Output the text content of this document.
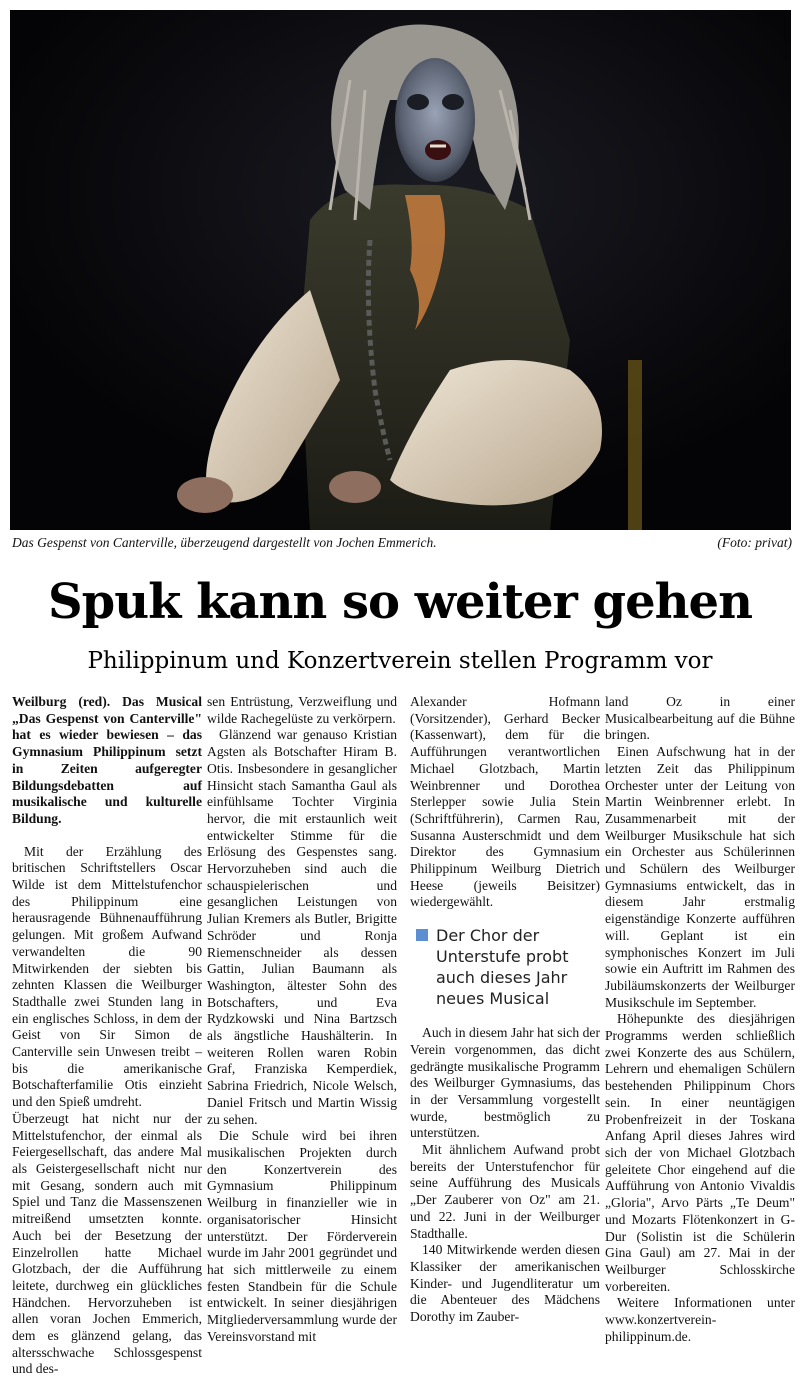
Das Gespenst von Canterville, überzeugend dargestellt von Jochen Emmerich.	(Foto: privat)
Spuk kann so weiter gehen
Philippinum und Konzertverein stellen Programm vor

Weilburg (red). Das Musical „Das Gespenst von Canterville" hat es wieder bewiesen – das Gymnasium Philippinum setzt in Zeiten aufgeregter Bildungsdebatten auf musikalische und kulturelle Bildung.

Mit der Erzählung des britischen Schriftstellers Oscar Wilde ist dem Mittelstufenchor des Philippinum eine herausragende Bühnenaufführung gelungen. Mit großem Aufwand verwandelten die 90 Mitwirkenden der siebten bis zehnten Klassen die Weilburger Stadthalle zwei Stunden lang in ein englisches Schloss, in dem der Geist von Sir Simon de Canterville sein Unwesen treibt – bis die amerikanische Botschafterfamilie Otis einzieht und den Spieß umdreht.

Überzeugt hat nicht nur der Mittelstufenchor, der einmal als Feiergesellschaft, das andere Mal als Geistergesellschaft nicht nur mit Gesang, sondern auch mit Spiel und Tanz die Massenszenen mitreißend umsetzten konnte. Auch bei der Besetzung der Einzelrollen hatte Michael Glotzbach, der die Aufführung leitete, durchweg ein glückliches Händchen. Hervorzuheben ist allen voran Jochen Emmerich, dem es glänzend gelang, das altersschwache Schlossgespenst und des-

sen Entrüstung, Verzweiflung und wilde Rachegelüste zu verkörpern.

Glänzend war genauso Kristian Agsten als Botschafter Hiram B. Otis. Insbesondere in gesanglicher Hinsicht stach Samantha Gaul als einfühlsame Tochter Virginia hervor, die mit erstaunlich weit entwickelter Stimme für die Erlösung des Gespenstes sang. Hervorzuheben sind auch die schauspielerischen und gesanglichen Leistungen von Julian Kremers als Butler, Brigitte Schröder und Ronja Riemenschneider als dessen Gattin, Julian Baumann als Washington, ältester Sohn des Botschafters, und Eva Rydzkowski und Nina Bartzsch als ängstliche Haushälterin. In weiteren Rollen waren Robin Graf, Franziska Kemperdiek, Sabrina Friedrich, Nicole Welsch, Daniel Fritsch und Martin Wissig zu sehen.

Die Schule wird bei ihren musikalischen Projekten durch den Konzertverein des Gymnasium Philippinum Weilburg in finanzieller wie in organisatorischer Hinsicht unterstützt. Der Förderverein wurde im Jahr 2001 gegründet und hat sich mittlerweile zu einem festen Standbein für die Schule entwickelt. In seiner diesjährigen Mitgliederversammlung wurde der Vereinsvorstand mit

Alexander Hofmann (Vorsitzender), Gerhard Becker (Kassenwart), dem für die Aufführungen verantwortlichen Michael Glotzbach, Martin Weinbrenner und Dorothea Sterlepper sowie Julia Stein (Schriftführerin), Carmen Rau, Susanna Austerschmidt und dem Direktor des Gymnasium Philippinum Weilburg Dietrich Heese (jeweils Beisitzer) wiedergewählt.

Der Chor der Unterstufe probt auch dieses Jahr neues Musical

Auch in diesem Jahr hat sich der Verein vorgenommen, das dicht gedrängte musikalische Programm des Weilburger Gymnasiums, das in der Versammlung vorgestellt wurde, bestmöglich zu unterstützen.

Mit ähnlichem Aufwand probt bereits der Unterstufenchor für seine Aufführung des Musicals „Der Zauberer von Oz" am 21. und 22. Juni in der Weilburger Stadthalle.

140 Mitwirkende werden diesen Klassiker der amerikanischen Kinder- und Jugendliteratur um die Abenteuer des Mädchens Dorothy im Zauber-

land Oz in einer Musicalbearbeitung auf die Bühne bringen.

Einen Aufschwung hat in der letzten Zeit das Philippinum Orchester unter der Leitung von Martin Weinbrenner erlebt. In Zusammenarbeit mit der Weilburger Musikschule hat sich ein Orchester aus Schülerinnen und Schülern des Weilburger Gymnasiums entwickelt, das in diesem Jahr erstmalig eigenständige Konzerte aufführen will. Geplant ist ein symphonisches Konzert im Juli sowie ein Auftritt im Rahmen des Jubiläumskonzerts der Weilburger Musikschule im September.

Höhepunkte des diesjährigen Programms werden schließlich zwei Konzerte des aus Schülern, Lehrern und ehemaligen Schülern bestehenden Philippinum Chors sein. In einer neuntägigen Probenfreizeit in der Toskana Anfang April dieses Jahres wird sich der von Michael Glotzbach geleitete Chor eingehend auf die Aufführung von Antonio Vivaldis „Gloria", Arvo Pärts „Te Deum" und Mozarts Flötenkonzert in G-Dur (Solistin ist die Schülerin Gina Gaul) am 27. Mai in der Weilburger Schlosskirche vorbereiten.

Weitere Informationen unter www.konzertverein-philippinum.de.
